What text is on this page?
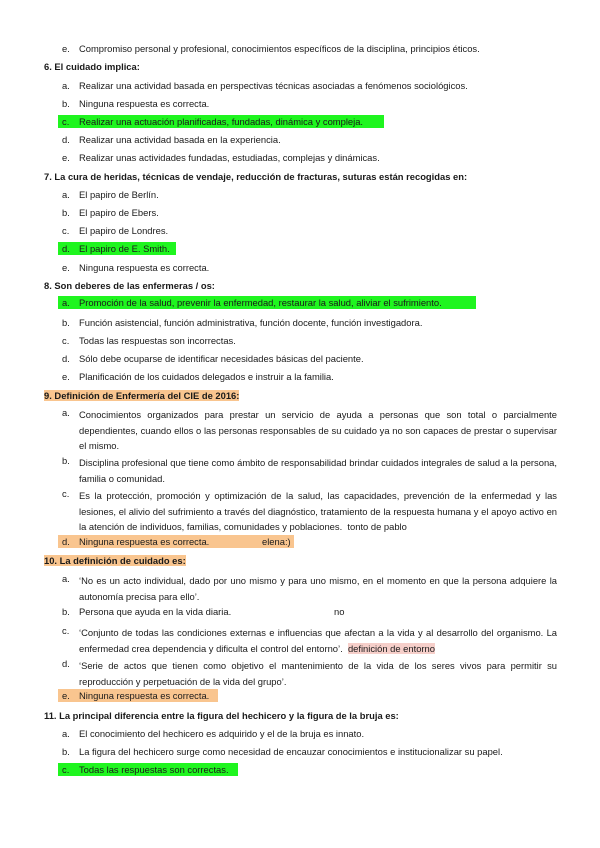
e. Compromiso personal y profesional, conocimientos específicos de la disciplina, principios éticos.
6. El cuidado implica:
a. Realizar una actividad basada en perspectivas técnicas asociadas a fenómenos sociológicos.
b. Ninguna respuesta es correcta.
c. Realizar una actuación planificadas, fundadas, dinámica y compleja.
d. Realizar una actividad basada en la experiencia.
e. Realizar unas actividades fundadas, estudiadas, complejas y dinámicas.
7. La cura de heridas, técnicas de vendaje, reducción de fracturas, suturas están recogidas en:
a. El papiro de Berlín.
b. El papiro de Ebers.
c. El papiro de Londres.
d. El papiro de E. Smith.
e. Ninguna respuesta es correcta.
8. Son deberes de las enfermeras / os:
a. Promoción de la salud, prevenir la enfermedad, restaurar la salud, aliviar el sufrimiento.
b. Función asistencial, función administrativa, función docente, función investigadora.
c. Todas las respuestas son incorrectas.
d. Sólo debe ocuparse de identificar necesidades básicas del paciente.
e. Planificación de los cuidados delegados e instruir a la familia.
9. Definición de Enfermería del CIE de 2016:
a. Conocimientos organizados para prestar un servicio de ayuda a personas que son total o parcialmente dependientes, cuando ellos o las personas responsables de su cuidado ya no son capaces de prestar o supervisar el mismo.
b. Disciplina profesional que tiene como ámbito de responsabilidad brindar cuidados integrales de salud a la persona, familia o comunidad.
c. Es la protección, promoción y optimización de la salud, las capacidades, prevención de la enfermedad y las lesiones, el alivio del sufrimiento a través del diagnóstico, tratamiento de la respuesta humana y el apoyo activo en la atención de individuos, familias, comunidades y poblaciones. tonto de pablo
d. Ninguna respuesta es correcta.	elena:)
10. La definición de cuidado es:
a. ‘No es un acto individual, dado por uno mismo y para uno mismo, en el momento en que la persona adquiere la autonomía precisa para ello’.
b. Persona que ayuda en la vida diaria.	no
c. ‘Conjunto de todas las condiciones externas e influencias que afectan a la vida y al desarrollo del organismo. La enfermedad crea dependencia y dificulta el control del entorno’. definición de entorno
d. ‘Serie de actos que tienen como objetivo el mantenimiento de la vida de los seres vivos para permitir su reproducción y perpetuación de la vida del grupo’.
e. Ninguna respuesta es correcta.
11. La principal diferencia entre la figura del hechicero y la figura de la bruja es:
a. El conocimiento del hechicero es adquirido y el de la bruja es innato.
b. La figura del hechicero surge como necesidad de encauzar conocimientos e institucionalizar su papel.
c. Todas las respuestas son correctas.
